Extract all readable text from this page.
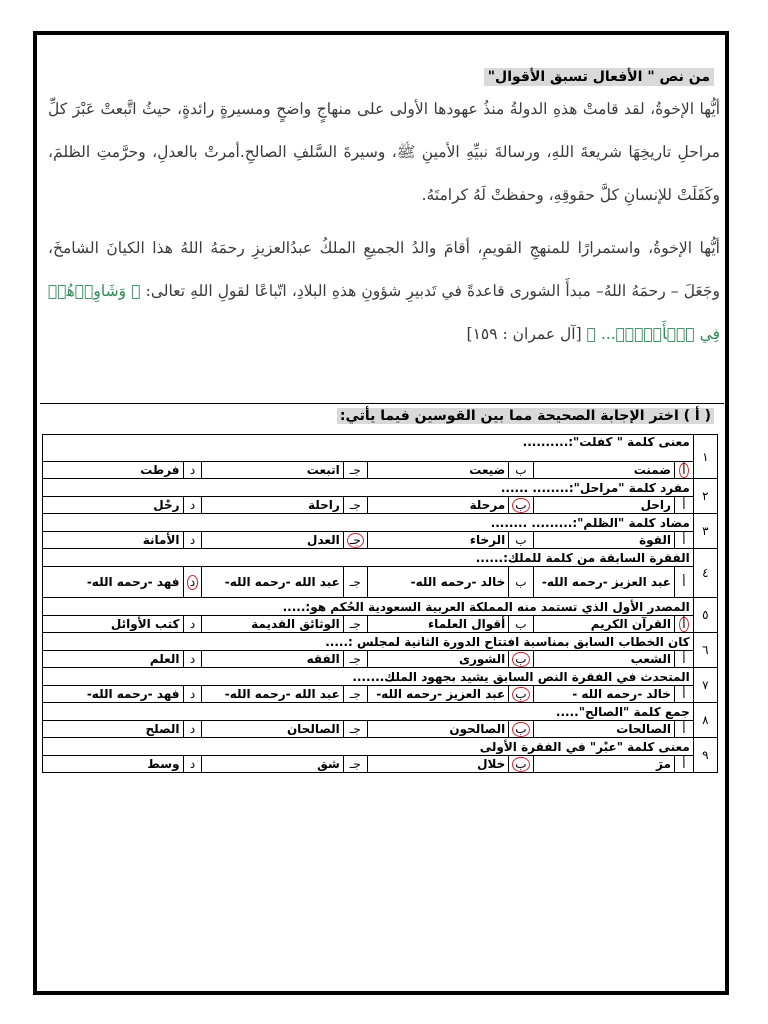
من نص " الأفعال تسبق الأقوال"

أيُّها الإخوةُ، لقد قامتْ هذهِ الدولةُ منذُ عهودها الأولى على منهاجٍ واضحٍ ومسيرةٍ رائدةٍ، حيثُ اتَّبعتْ عَبْرَ كلِّ مراحلِ تاريخِهَا شريعةَ اللهِ، ورسالةَ نبيِّهِ الأمينِ ﷺ، وسيرةَ السَّلفِ الصالحِ.أمرتْ بالعدلِ، وحرَّمتِ الظلمَ، وكَفَلَتْ للإنسانِ كلَّ حقوقِهِ، وحفظتْ لَهُ كرامتَهُ.

أيُّها الإخوةُ، واستمرارًا للمنهجِ القويمِ، أقامَ والدُ الجميعِ الملكُ عبدُالعزيزِ رحمَهُ اللهُ هذا الكيانَ الشامخَ، وجَعَلَ – رحمَهُ اللهُ– مبدأَ الشورى قاعدةً في تَدبيرِ شؤونِ هذهِ البلادِ، اتّباعًا لقولِ اللهِ تعالى: ﴿ وَشَاوِرۡهُمۡ فِي ٱلۡأَمۡرِۖ... ﴾ [آل عمران : ١٥٩]

( أ ) اختر الإجابة الصحيحة مما بين القوسين فيما يأتي:
١	معنى كلمة " كفلت":..........							
	أ	ضمنت	ب	ضيعت	جـ	اتبعت	د	فرطت
٢	مفرد كلمة "مراحل":........ ......							
	أ	راحل	ب	مرحلة	جـ	راحلة	د	رحْل
٣	مضاد كلمة "الظلم":......... ........							
	أ	القوة	ب	الرخاء	جـ	العدل	د	الأمانة
٤	الفقرة السابقة من كلمة للملك:......							
	أ	عبد العزيز -رحمه الله-	ب	خالد -رحمه الله-	جـ	عبد الله -رحمه الله-	د	فهد -رحمه الله-
٥	المصدر الأول الذي تستمد منه المملكة العربية السعودية الحُكم هو:.....							
	أ	القرآن الكريم	ب	أقوال العلماء	جـ	الوثائق القديمة	د	كتب الأوائل
٦	كان الخطاب السابق بمناسبة افتتاح الدورة الثانية لمجلس :.....							
	أ	الشعب	ب	الشورى	جـ	الفقه	د	العلم
٧	المتحدث في الفقرة النص السابق يشيد بجهود الملك.......							
	أ	خالد -رحمه الله -	ب	عبد العزيز -رحمه الله-	جـ	عبد الله -رحمه الله-	د	فهد -رحمه الله-
٨	جمع كلمة "الصالح".....							
	أ	الصالحات	ب	الصالحون	جـ	الصالحان	د	الصلح
٩	معنى كلمة "عبْر" في الفقرة الأولى							
	أ	مرَ	ب	خلال	جـ	شق	د	وسط
